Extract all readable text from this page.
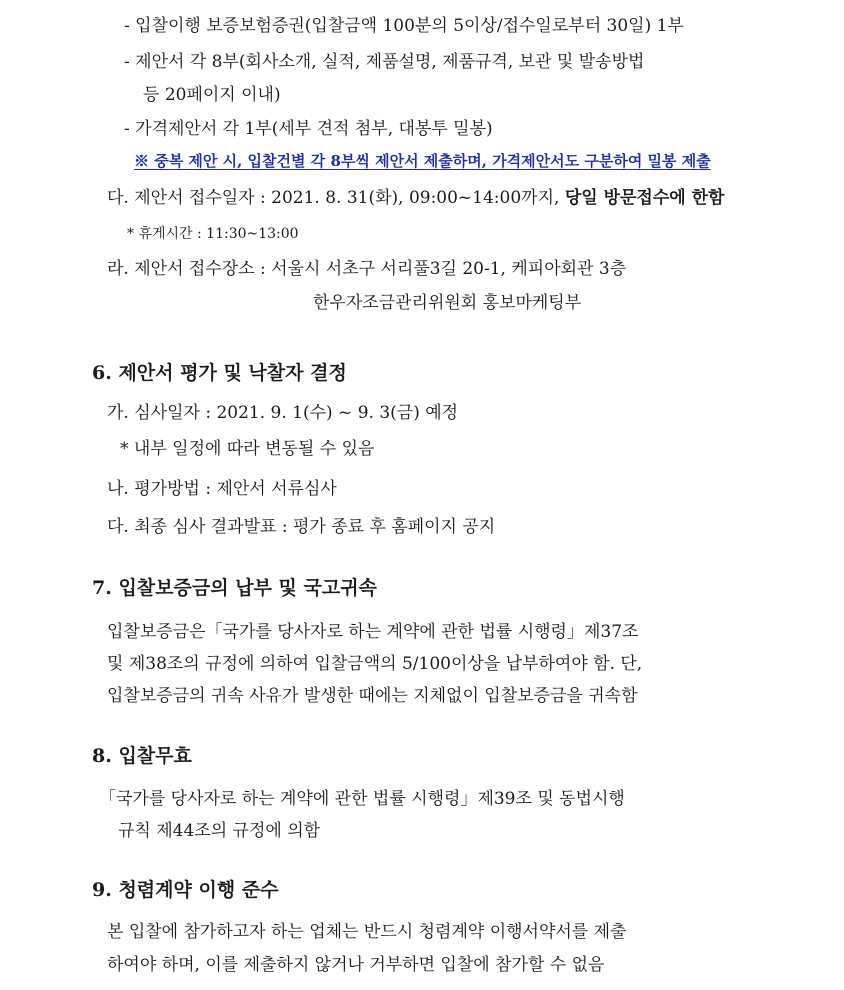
- 입찰이행 보증보험증권(입찰금액 100분의 5이상/접수일로부터 30일) 1부
- 제안서 각 8부(회사소개, 실적, 제품설명, 제품규격, 보관 및 발송방법
등 20페이지 이내)
- 가격제안서 각 1부(세부 견적 첨부, 대봉투 밀봉)
※ 중복 제안 시, 입찰건별 각 8부씩 제안서 제출하며, 가격제안서도 구분하여 밀봉 제출
다. 제안서 접수일자 : 2021. 8. 31(화), 09:00~14:00까지, 당일 방문접수에 한함
* 휴게시간 : 11:30~13:00
라. 제안서 접수장소 : 서울시 서초구 서리풀3길 20-1, 케피아회관 3층
한우자조금관리위원회 홍보마케팅부
6. 제안서 평가 및 낙찰자 결정
가. 심사일자 : 2021. 9. 1(수) ~ 9. 3(금) 예정
* 내부 일정에 따라 변동될 수 있음
나. 평가방법 : 제안서 서류심사
다. 최종 심사 결과발표 : 평가 종료 후 홈페이지 공지
7. 입찰보증금의 납부 및 국고귀속
입찰보증금은「국가를 당사자로 하는 계약에 관한 법률 시행령」제37조
및 제38조의 규정에 의하여 입찰금액의 5/100이상을 납부하여야 함. 단,
입찰보증금의 귀속 사유가 발생한 때에는 지체없이 입찰보증금을 귀속함
8. 입찰무효
「국가를 당사자로 하는 계약에 관한 법률 시행령」제39조 및 동법시행
규칙 제44조의 규정에 의함
9. 청렴계약 이행 준수
본 입찰에 참가하고자 하는 업체는 반드시 청렴계약 이행서약서를 제출
하여야 하며, 이를 제출하지 않거나 거부하면 입찰에 참가할 수 없음
